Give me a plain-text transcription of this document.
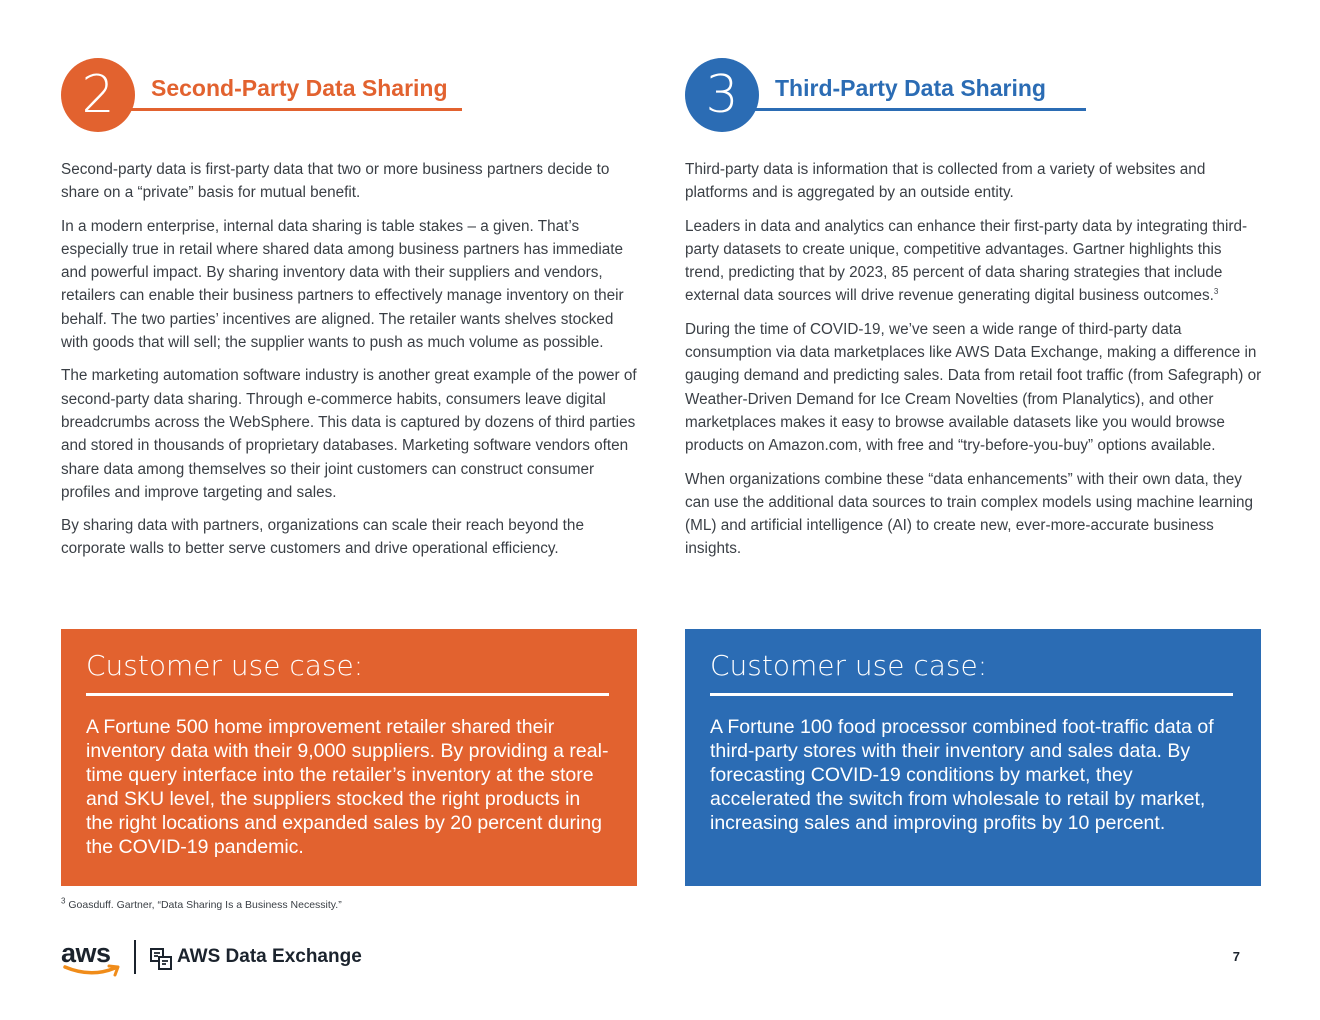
2	Second-Party Data Sharing

Second-party data is first-party data that two or more business partners decide to share on a “private” basis for mutual benefit.

In a modern enterprise, internal data sharing is table stakes – a given. That’s especially true in retail where shared data among business partners has immediate and powerful impact. By sharing inventory data with their suppliers and vendors, retailers can enable their business partners to effectively manage inventory on their behalf. The two parties’ incentives are aligned. The retailer wants shelves stocked with goods that will sell; the supplier wants to push as much volume as possible.

The marketing automation software industry is another great example of the power of second-party data sharing. Through e-commerce habits, consumers leave digital breadcrumbs across the WebSphere. This data is captured by dozens of third parties and stored in thousands of proprietary databases. Marketing software vendors often share data among themselves so their joint customers can construct consumer profiles and improve targeting and sales.

By sharing data with partners, organizations can scale their reach beyond the corporate walls to better serve customers and drive operational efficiency.

3	Third-Party Data Sharing

Third-party data is information that is collected from a variety of websites and platforms and is aggregated by an outside entity.

Leaders in data and analytics can enhance their first-party data by integrating third-party datasets to create unique, competitive advantages. Gartner highlights this trend, predicting that by 2023, 85 percent of data sharing strategies that include external data sources will drive revenue generating digital business outcomes.$^3$

During the time of COVID-19, we’ve seen a wide range of third-party data consumption via data marketplaces like AWS Data Exchange, making a difference in gauging demand and predicting sales. Data from retail foot traffic (from Safegraph) or Weather-Driven Demand for Ice Cream Novelties (from Planalytics), and other marketplaces makes it easy to browse available datasets like you would browse products on Amazon.com, with free and “try-before-you-buy” options available.

When organizations combine these “data enhancements” with their own data, they can use the additional data sources to train complex models using machine learning (ML) and artificial intelligence (AI) to create new, ever-more-accurate business insights.

Customer use case:
A Fortune 500 home improvement retailer shared their inventory data with their 9,000 suppliers. By providing a real-time query interface into the retailer’s inventory at the store and SKU level, the suppliers stocked the right products in the right locations and expanded sales by 20 percent during the COVID-19 pandemic.
Customer use case:
A Fortune 100 food processor combined foot-traffic data of third-party stores with their inventory and sales data. By forecasting COVID-19 conditions by market, they accelerated the switch from wholesale to retail by market, increasing sales and improving profits by 10 percent.
$^3$ Goasduff. Gartner, “Data Sharing Is a Business Necessity.”
aws	AWS Data Exchange	7
